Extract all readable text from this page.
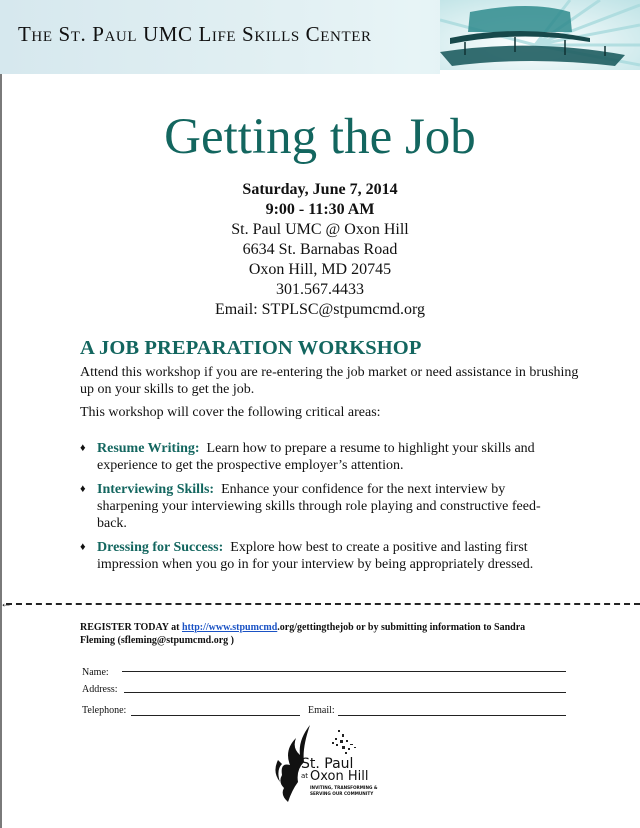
The St. Paul UMC Life Skills Center
Getting the Job
Saturday, June 7, 2014
9:00 - 11:30 AM
St. Paul UMC @ Oxon Hill
6634 St. Barnabas Road
Oxon Hill, MD 20745
301.567.4433
Email: STPLSC@stpumcmd.org
A JOB PREPARATION WORKSHOP

Attend this workshop if you are re-entering the job market or need assistance in brushing up on your skills to get the job.

This workshop will cover the following critical areas:

♦ Resume Writing: Learn how to prepare a resume to highlight your skills and experience to get the prospective employer’s attention.
♦ Interviewing Skills: Enhance your confidence for the next interview by sharpening your interviewing skills through role playing and constructive feed-back.
♦ Dressing for Success: Explore how best to create a positive and lasting first impression when you go in for your interview by being appropriately dressed.
←
REGISTER TODAY at http://www.stpumcmd.org/gettingthejob or by submitting information to Sandra Fleming (sfleming@stpumcmd.org )
Name:
Address:
Telephone:	Email:
St. Paul
at Oxon Hill
INVITING, TRANSFORMING &
SERVING OUR COMMUNITY
